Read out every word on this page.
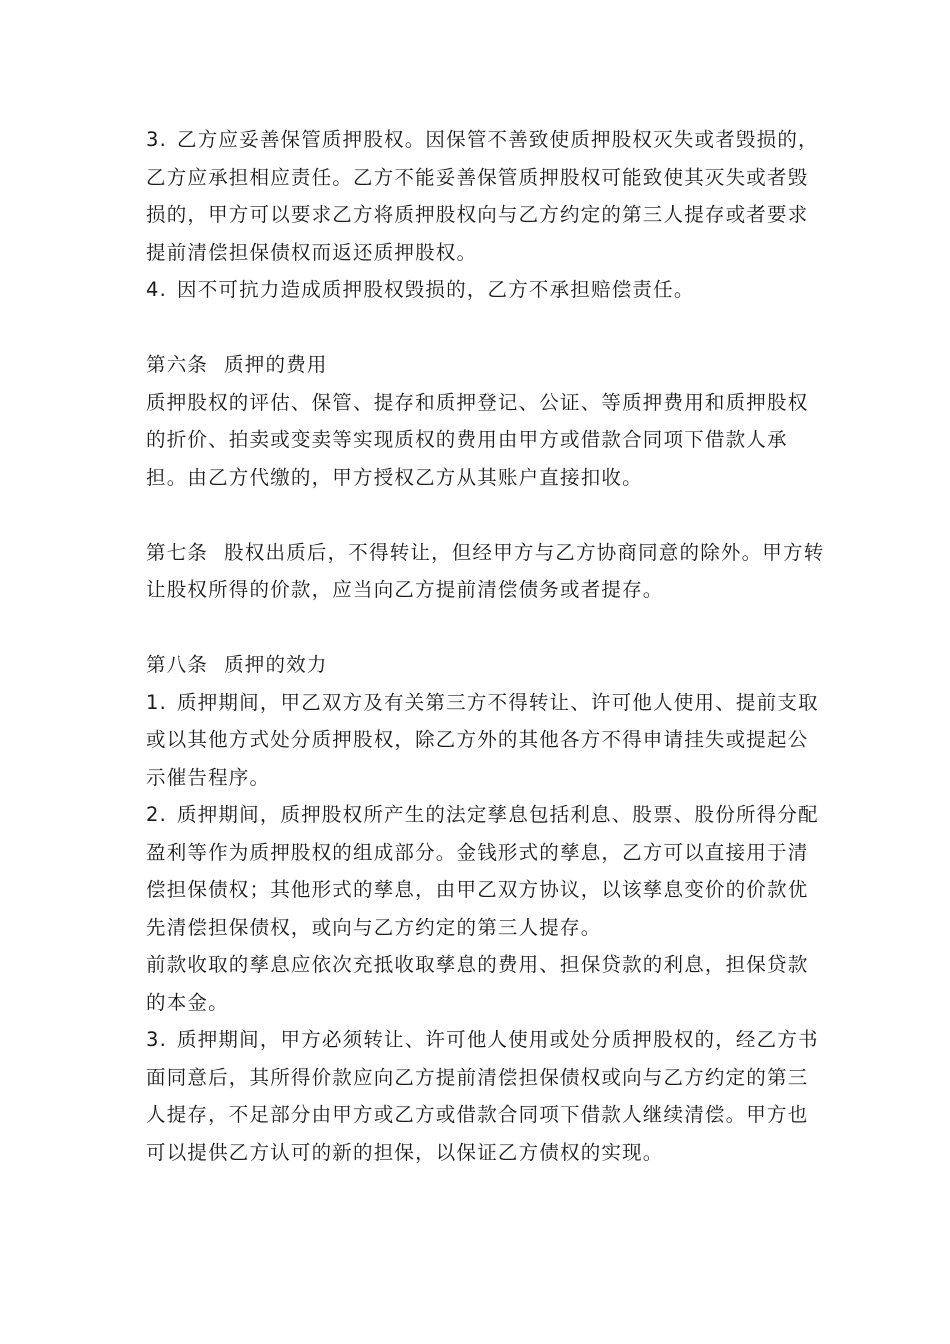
3. 乙方应妥善保管质押股权。因保管不善致使质押股权灭失或者毁损的，乙方应承担相应责任。乙方不能妥善保管质押股权可能致使其灭失或者毁损的，甲方可以要求乙方将质押股权向与乙方约定的第三人提存或者要求提前清偿担保债权而返还质押股权。

4. 因不可抗力造成质押股权毁损的，乙方不承担赔偿责任。

第六条 质押的费用

质押股权的评估、保管、提存和质押登记、公证、等质押费用和质押股权的折价、拍卖或变卖等实现质权的费用由甲方或借款合同项下借款人承担。由乙方代缴的，甲方授权乙方从其账户直接扣收。

第七条 股权出质后，不得转让，但经甲方与乙方协商同意的除外。甲方转让股权所得的价款，应当向乙方提前清偿债务或者提存。

第八条 质押的效力

1. 质押期间，甲乙双方及有关第三方不得转让、许可他人使用、提前支取或以其他方式处分质押股权，除乙方外的其他各方不得申请挂失或提起公示催告程序。

2. 质押期间，质押股权所产生的法定孳息包括利息、股票、股份所得分配盈利等作为质押股权的组成部分。金钱形式的孳息，乙方可以直接用于清偿担保债权；其他形式的孳息，由甲乙双方协议，以该孳息变价的价款优先清偿担保债权，或向与乙方约定的第三人提存。

前款收取的孳息应依次充抵收取孳息的费用、担保贷款的利息，担保贷款的本金。

3. 质押期间，甲方必须转让、许可他人使用或处分质押股权的，经乙方书面同意后，其所得价款应向乙方提前清偿担保债权或向与乙方约定的第三人提存，不足部分由甲方或乙方或借款合同项下借款人继续清偿。甲方也可以提供乙方认可的新的担保，以保证乙方债权的实现。
